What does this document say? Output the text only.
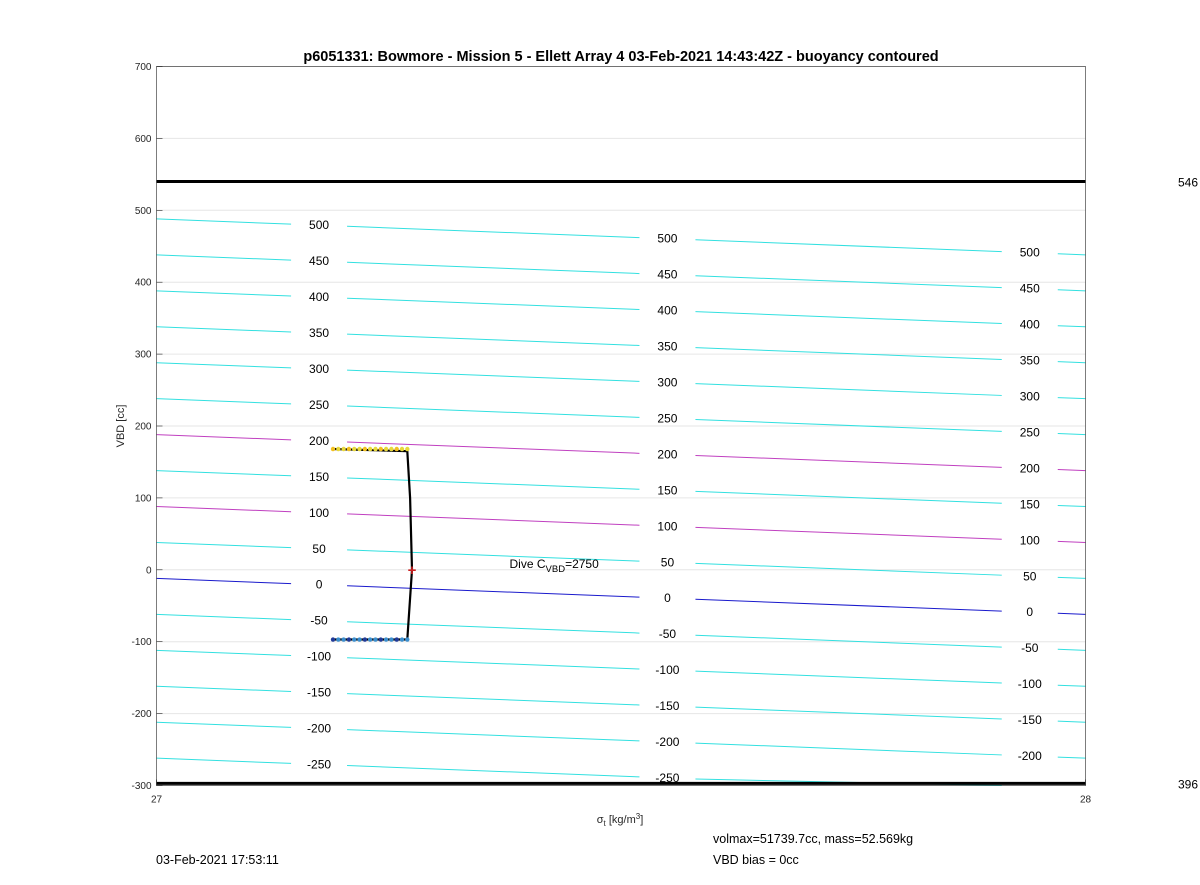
p6051331: Bowmore - Mission 5 - Ellett Array 4 03-Feb-2021 14:43:42Z - buoyancy contoured
-250
-250
-200
-200
-200
-150
-150
-150
-100
-100
-100
-50
-50
-50
0
0
0
50
50
50
100
100
100
150
150
150
200
200
200
250
250
250
300
300
300
350
350
350
400
400
400
450
450
450
500
500
500
546
396
+
-300
-200
-100
0
100
200
300
400
500
600
700
27	28
VBD [cc]
$\sigma_t$ $[kg/m^3]$
Dive $C_{VBD}=2750$
03-Feb-2021 17:53:11
volmax=51739.7cc, mass=52.569kg
VBD bias = 0cc
